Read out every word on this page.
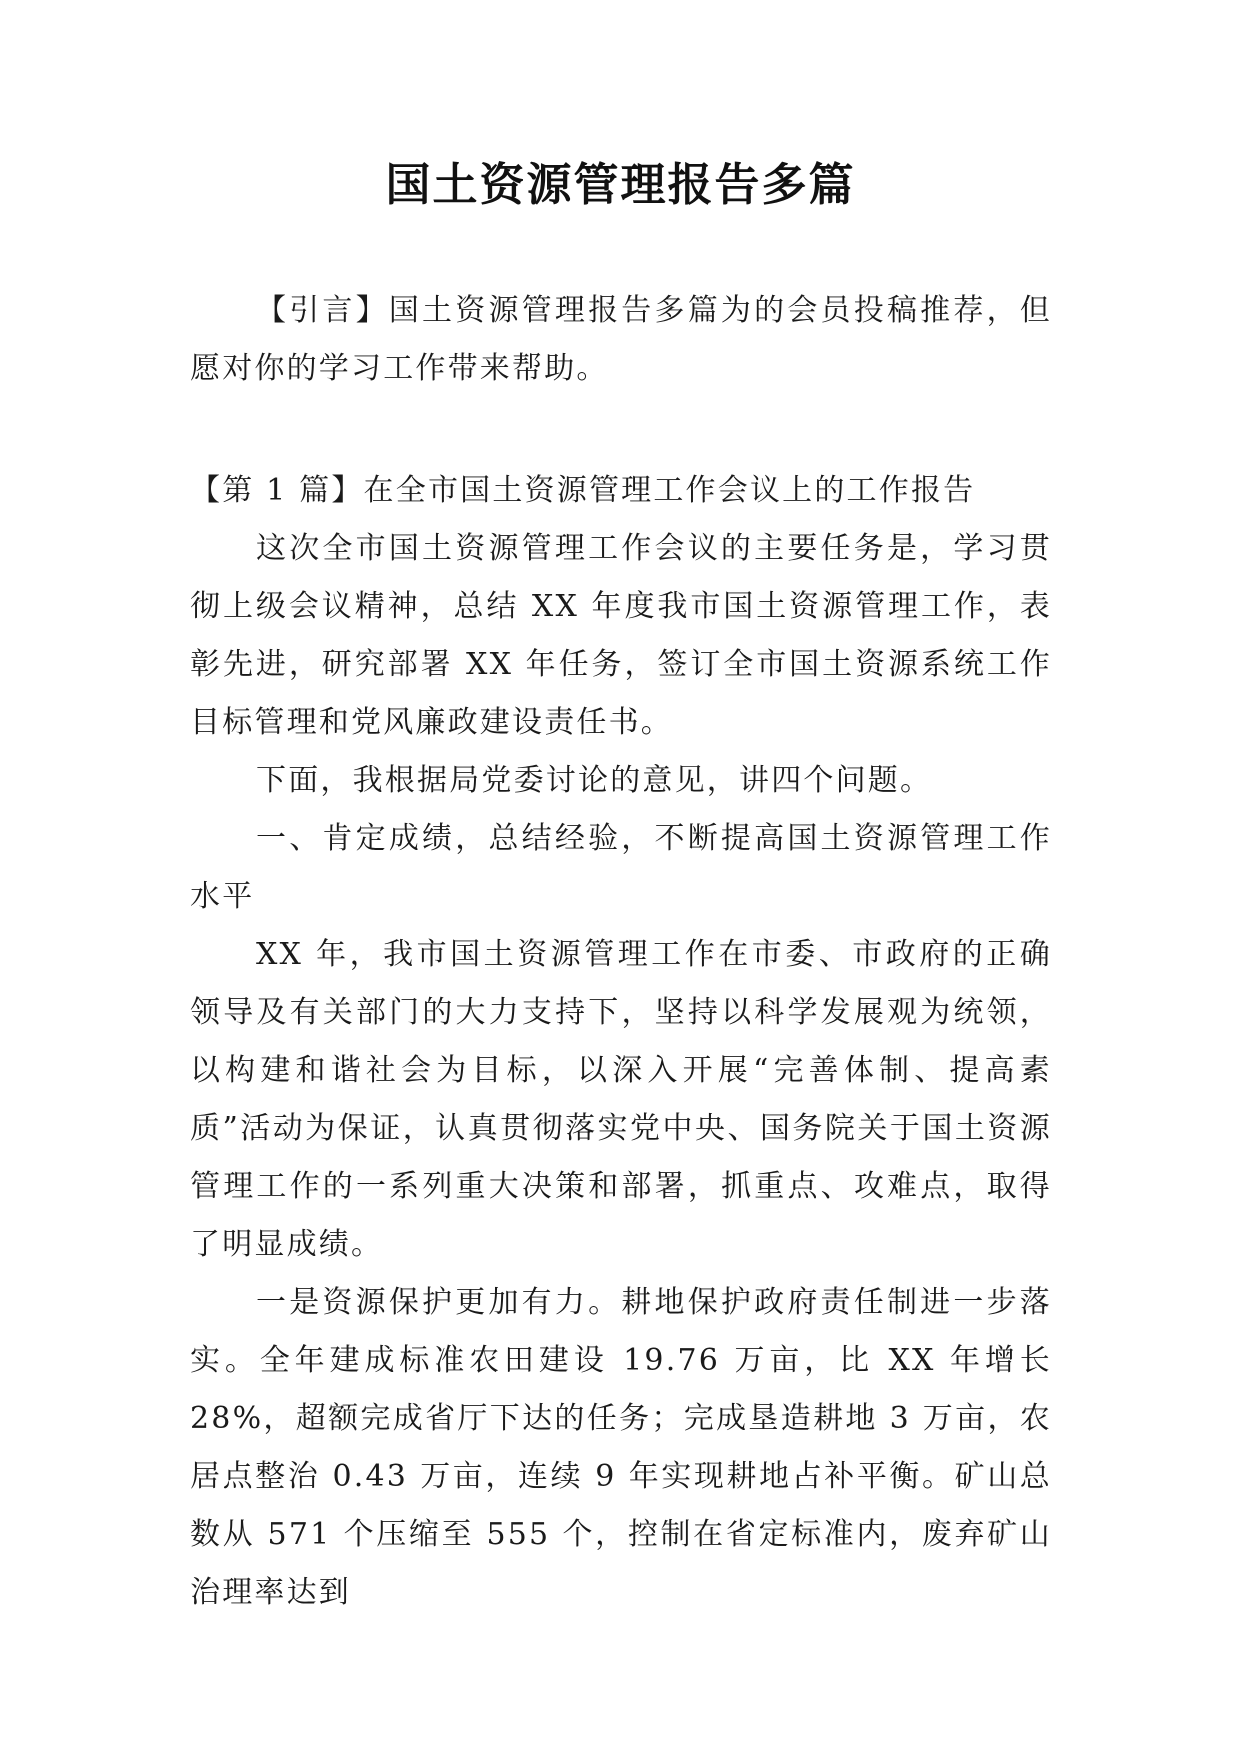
国土资源管理报告多篇

【引言】国土资源管理报告多篇为的会员投稿推荐，但愿对你的学习工作带来帮助。

【第 1 篇】在全市国土资源管理工作会议上的工作报告

这次全市国土资源管理工作会议的主要任务是，学习贯彻上级会议精神，总结 XX 年度我市国土资源管理工作，表彰先进，研究部署 XX 年任务，签订全市国土资源系统工作目标管理和党风廉政建设责任书。

下面，我根据局党委讨论的意见，讲四个问题。

一、肯定成绩，总结经验，不断提高国土资源管理工作水平

XX 年，我市国土资源管理工作在市委、市政府的正确领导及有关部门的大力支持下，坚持以科学发展观为统领，以构建和谐社会为目标，以深入开展“完善体制、提高素质”活动为保证，认真贯彻落实党中央、国务院关于国土资源管理工作的一系列重大决策和部署，抓重点、攻难点，取得了明显成绩。

一是资源保护更加有力。耕地保护政府责任制进一步落实。全年建成标准农田建设 19.76 万亩，比 XX 年增长 28%，超额完成省厅下达的任务；完成垦造耕地 3 万亩，农居点整治 0.43 万亩，连续 9 年实现耕地占补平衡。矿山总数从 571 个压缩至 555 个，控制在省定标准内，废弃矿山治理率达到
